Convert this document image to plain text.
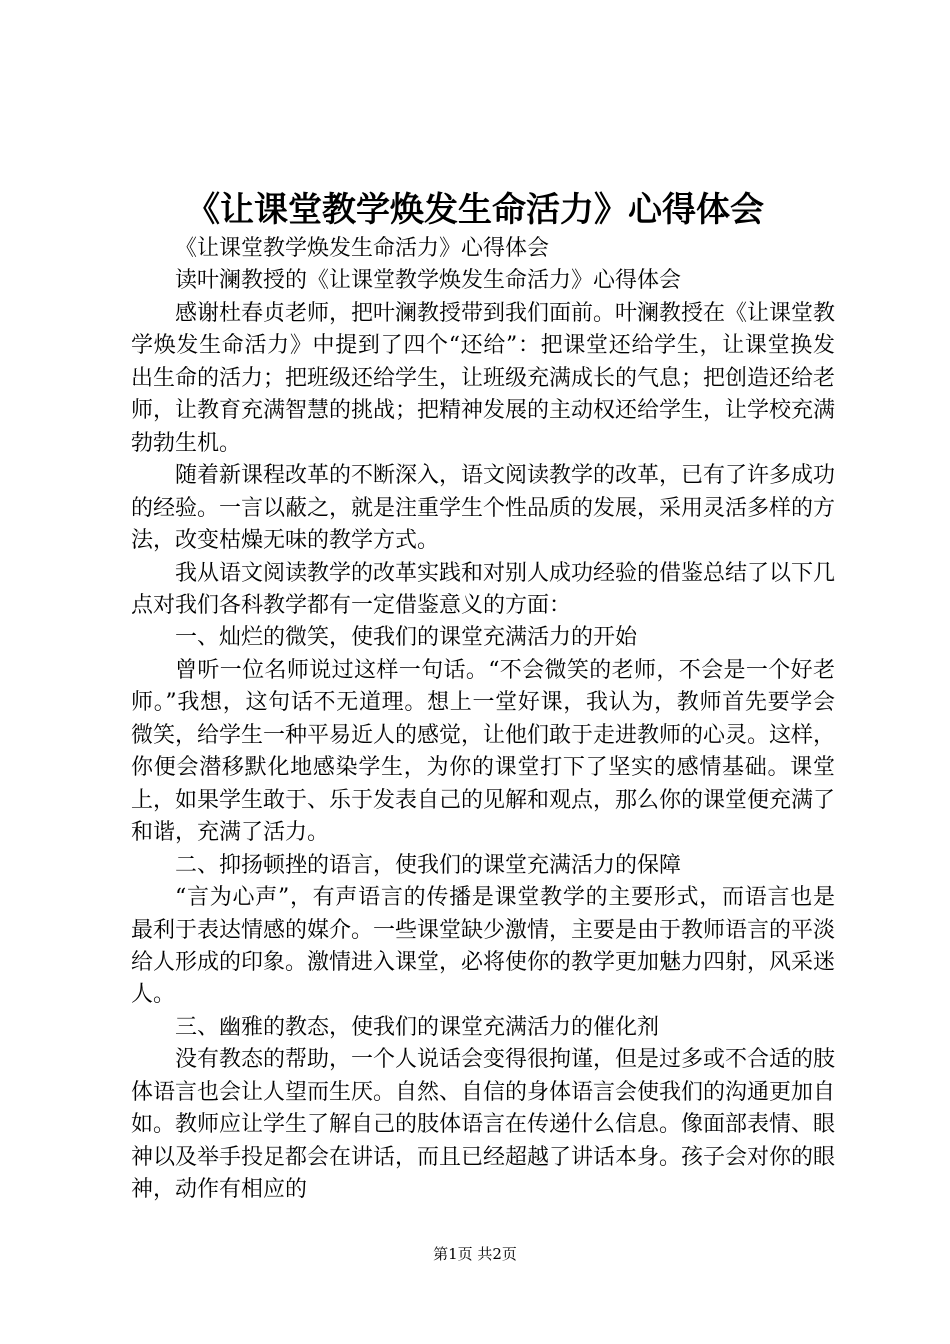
《让课堂教学焕发生命活力》心得体会

《让课堂教学焕发生命活力》心得体会

读叶澜教授的《让课堂教学焕发生命活力》心得体会

感谢杜春贞老师，把叶澜教授带到我们面前。叶澜教授在《让课堂教学焕发生命活力》中提到了四个“还给”：把课堂还给学生，让课堂换发出生命的活力；把班级还给学生，让班级充满成长的气息；把创造还给老师，让教育充满智慧的挑战；把精神发展的主动权还给学生，让学校充满勃勃生机。

随着新课程改革的不断深入，语文阅读教学的改革，已有了许多成功的经验。一言以蔽之，就是注重学生个性品质的发展，采用灵活多样的方法，改变枯燥无味的教学方式。

我从语文阅读教学的改革实践和对别人成功经验的借鉴总结了以下几点对我们各科教学都有一定借鉴意义的方面：

一、灿烂的微笑，使我们的课堂充满活力的开始

曾听一位名师说过这样一句话。“不会微笑的老师，不会是一个好老师。”我想，这句话不无道理。想上一堂好课，我认为，教师首先要学会微笑，给学生一种平易近人的感觉，让他们敢于走进教师的心灵。这样，你便会潜移默化地感染学生，为你的课堂打下了坚实的感情基础。课堂上，如果学生敢于、乐于发表自己的见解和观点，那么你的课堂便充满了和谐，充满了活力。

二、抑扬顿挫的语言，使我们的课堂充满活力的保障

“言为心声”，有声语言的传播是课堂教学的主要形式，而语言也是最利于表达情感的媒介。一些课堂缺少激情，主要是由于教师语言的平淡给人形成的印象。激情进入课堂，必将使你的教学更加魅力四射，风采迷人。

三、幽雅的教态，使我们的课堂充满活力的催化剂

没有教态的帮助，一个人说话会变得很拘谨，但是过多或不合适的肢体语言也会让人望而生厌。自然、自信的身体语言会使我们的沟通更加自如。教师应让学生了解自己的肢体语言在传递什么信息。像面部表情、眼神以及举手投足都会在讲话，而且已经超越了讲话本身。孩子会对你的眼神，动作有相应的

第1页 共2页
